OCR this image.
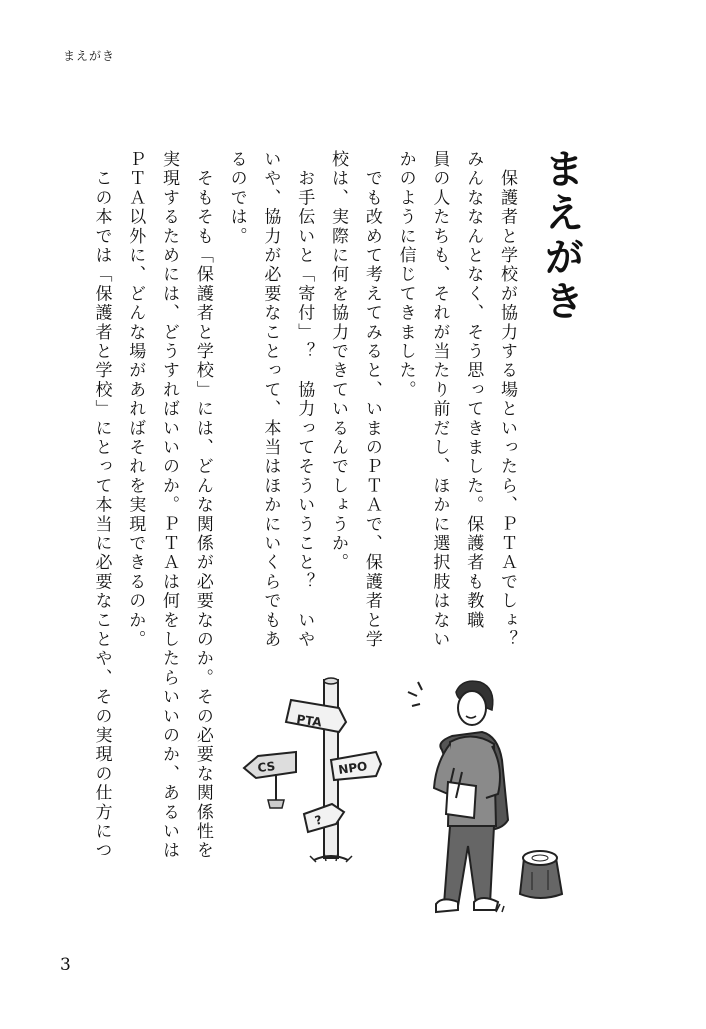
まえがき
まえがき

　保護者と学校が協力する場といったら、ＰＴＡでしょ？

みんななんとなく、そう思ってきました。保護者も教職

員の人たちも、それが当たり前だし、ほかに選択肢はない

かのように信じてきました。

　でも改めて考えてみると、いまのＰＴＡで、保護者と学

校は、実際に何を協力できているんでしょうか。

　お手伝いと「寄付」？　協力ってそういうこと？　いや

いや、協力が必要なことって、本当はほかにいくらでもあ

るのでは。

　そもそも「保護者と学校」には、どんな関係が必要なのか。その必要な関係性を

実現するためには、どうすればいいのか。ＰＴＡは何をしたらいいのか、あるいは

ＰＴＡ以外に、どんな場があればそれを実現できるのか。

　この本では「保護者と学校」にとって本当に必要なことや、その実現の仕方につ	PTA
NPO
CS
?
3
